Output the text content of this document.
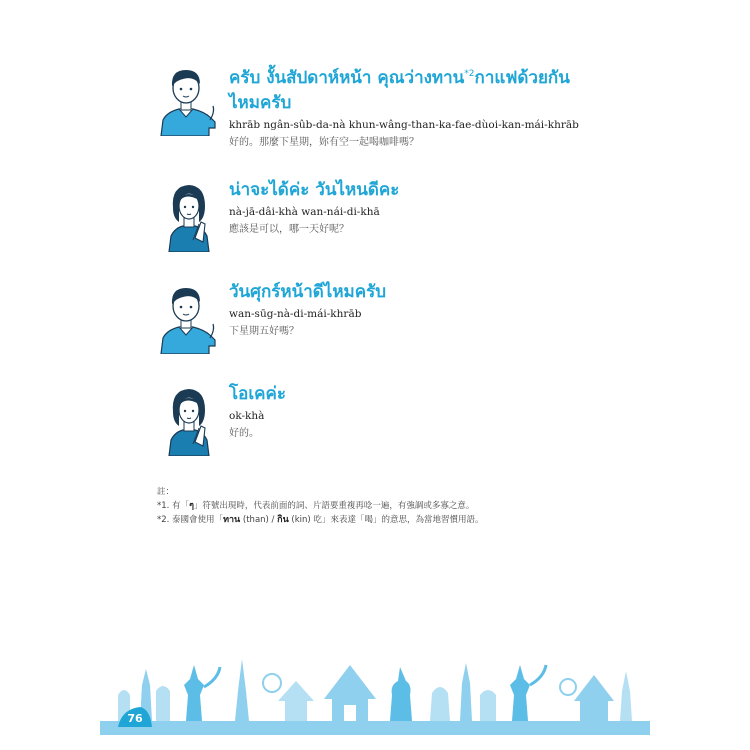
ครับ งั้นสัปดาห์หน้า คุณว่างทาน$^{*2}$กาแฟด้วยกัน
ไหมครับ
khrāb ngân-sûb-da-nà khun-wâng-than-ka-fae-dùoi-kan-mái-khrāb
好的。那麼下星期，妳有空一起喝咖啡嗎？
น่าจะได้ค่ะ วันไหนดีคะ
nà-jā-dâi-khà wan-nái-di-khā
應該是可以，哪一天好呢？
วันศุกร์หน้าดีไหมครับ
wan-sūg-nà-di-mái-khrāb
下星期五好嗎？
โอเคค่ะ
ok-khà
好的。
註：
*1. 有「ๆ」符號出現時，代表前面的詞、片語要重複再唸一遍，有強調或多寡之意。
*2. 泰國會使用「ทาน (than) / กิน (kin) 吃」來表達「喝」的意思，為當地習慣用語。
76
